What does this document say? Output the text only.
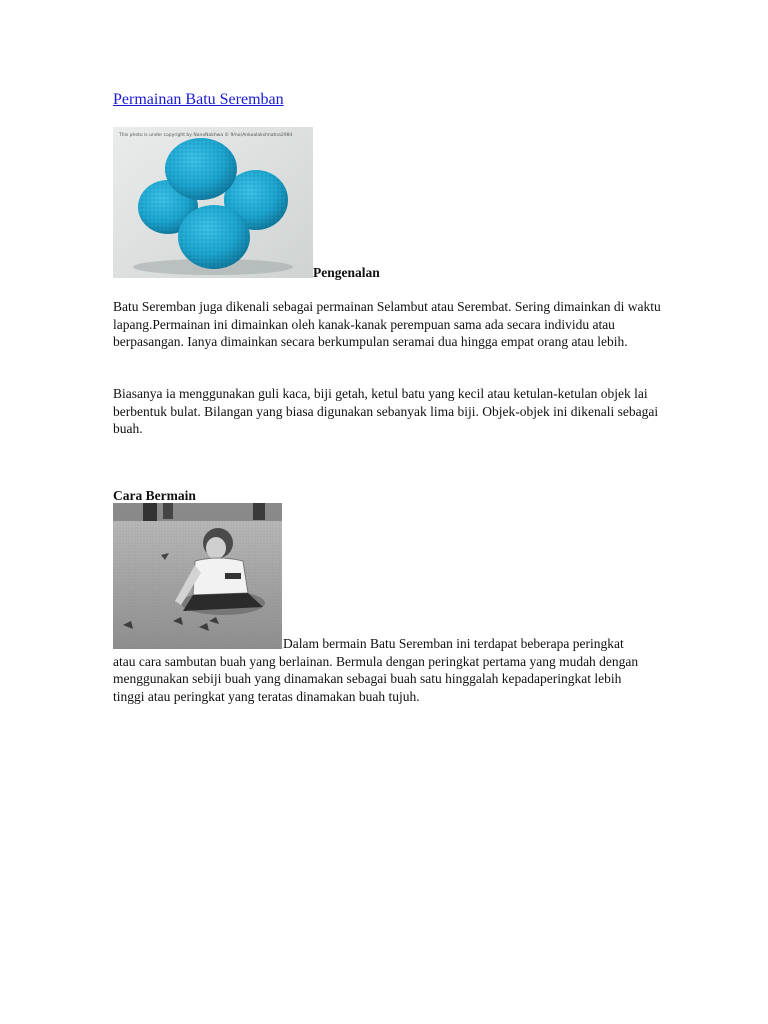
Permainan Batu Seremban
This photo is under copyright by NanoNakhwa © 9/no(Ankoalakshnatna2984
Pengenalan

Batu Seremban juga dikenali sebagai permainan Selambut atau Serembat. Sering dimainkan di waktu lapang.Permainan ini dimainkan oleh kanak-kanak perempuan sama ada secara individu atau berpasangan. Ianya dimainkan secara berkumpulan seramai dua hingga empat orang atau lebih.

Biasanya ia menggunakan guli kaca, biji getah, ketul batu yang kecil atau ketulan-ketulan objek lai berbentuk bulat. Bilangan yang biasa digunakan sebanyak lima biji. Objek-objek ini dikenali sebagai buah.

Cara Bermain

Dalam bermain Batu Seremban ini terdapat beberapa peringkat atau cara sambutan buah yang berlainan. Bermula dengan peringkat pertama yang mudah dengan menggunakan sebiji buah yang dinamakan sebagai buah satu hinggalah kepadaperingkat lebih tinggi atau peringkat yang teratas dinamakan buah tujuh.
